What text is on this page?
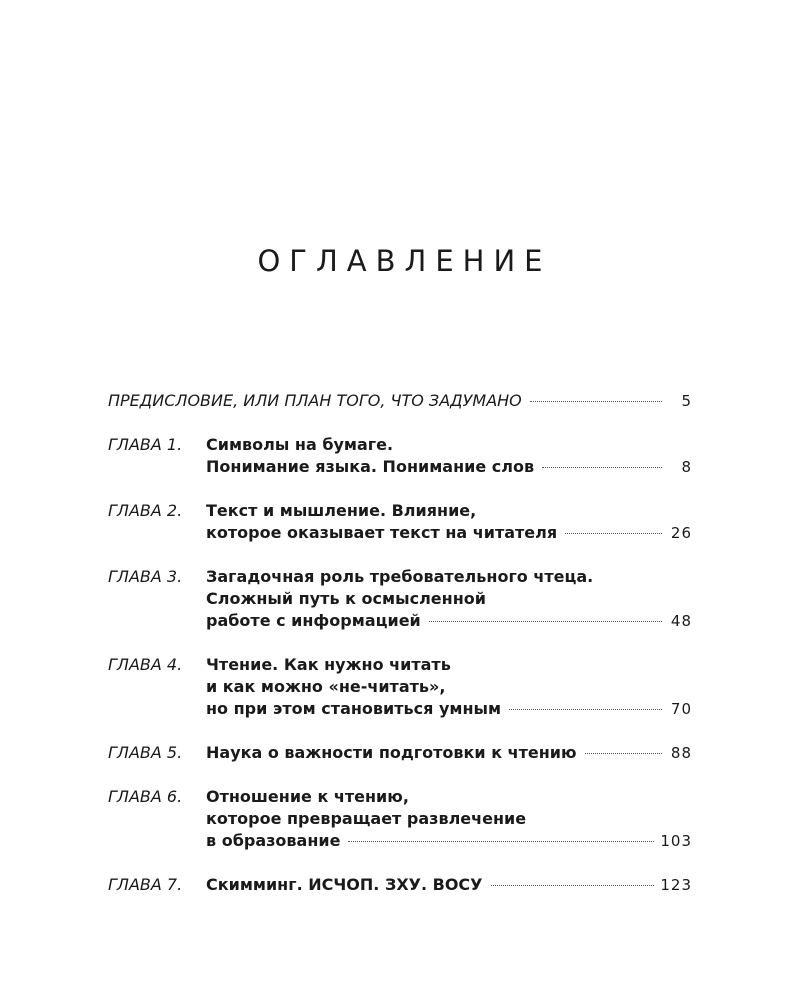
ОГЛАВЛЕНИЕ
ПРЕДИСЛОВИЕ, ИЛИ ПЛАН ТОГО, ЧТО ЗАДУМАНО	5
ГЛАВА 1.	Символы на бумаге.
Понимание языка. Понимание слов	8
ГЛАВА 2.	Текст и мышление. Влияние,
которое оказывает текст на читателя	26
ГЛАВА 3.	Загадочная роль требовательного чтеца.
Сложный путь к осмысленной
работе с информацией	48
ГЛАВА 4.	Чтение. Как нужно читать
и как можно «не-читать»,
но при этом становиться умным	70
ГЛАВА 5.	Наука о важности подготовки к чтению	88
ГЛАВА 6.	Отношение к чтению,
которое превращает развлечение
в образование	103
ГЛАВА 7.	Скимминг. ИСЧОП. ЗХУ. ВОСУ	123
